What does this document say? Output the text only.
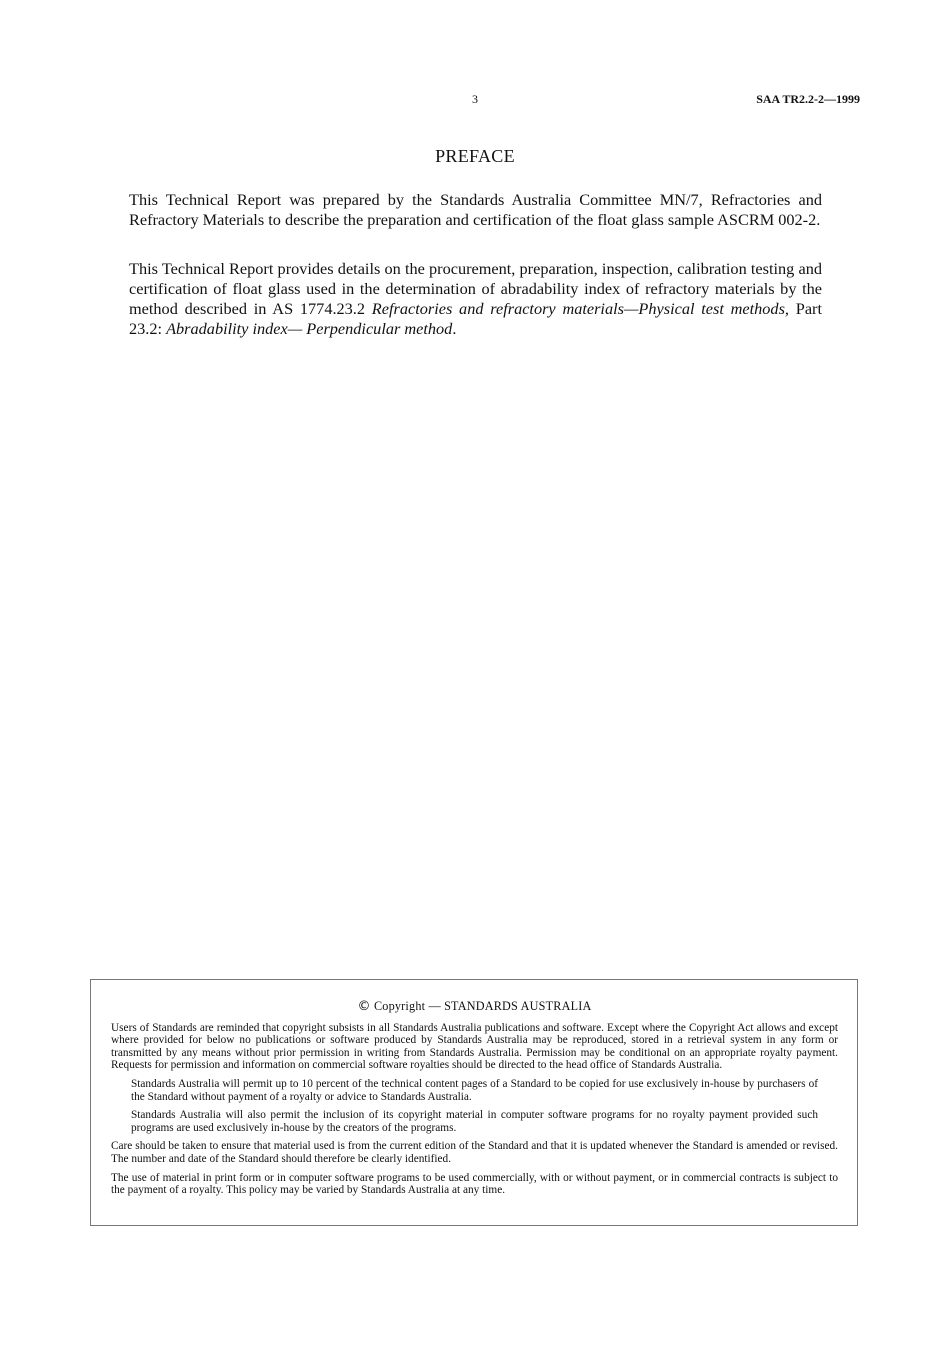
3	SAA TR2.2-2—1999
PREFACE

This Technical Report was prepared by the Standards Australia Committee MN/7, Refractories and Refractory Materials to describe the preparation and certification of the float glass sample ASCRM 002-2.

This Technical Report provides details on the procurement, preparation, inspection, calibration testing and certification of float glass used in the determination of abradability index of refractory materials by the method described in AS 1774.23.2 Refractories and refractory materials—Physical test methods, Part 23.2: Abradability index— Perpendicular method.

© Copyright — STANDARDS AUSTRALIA

Users of Standards are reminded that copyright subsists in all Standards Australia publications and software. Except where the Copyright Act allows and except where provided for below no publications or software produced by Standards Australia may be reproduced, stored in a retrieval system in any form or transmitted by any means without prior permission in writing from Standards Australia. Permission may be conditional on an appropriate royalty payment. Requests for permission and information on commercial software royalties should be directed to the head office of Standards Australia.

Standards Australia will permit up to 10 percent of the technical content pages of a Standard to be copied for use exclusively in-house by purchasers of the Standard without payment of a royalty or advice to Standards Australia.

Standards Australia will also permit the inclusion of its copyright material in computer software programs for no royalty payment provided such programs are used exclusively in-house by the creators of the programs.

Care should be taken to ensure that material used is from the current edition of the Standard and that it is updated whenever the Standard is amended or revised. The number and date of the Standard should therefore be clearly identified.

The use of material in print form or in computer software programs to be used commercially, with or without payment, or in commercial contracts is subject to the payment of a royalty. This policy may be varied by Standards Australia at any time.
